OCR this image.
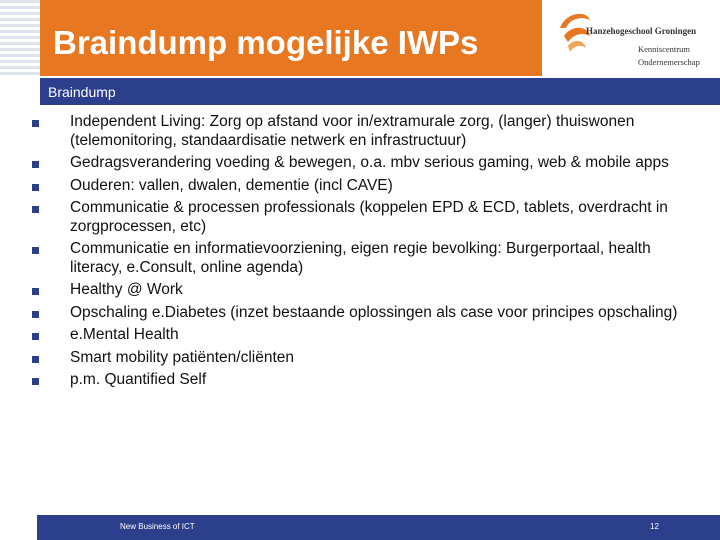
Braindump mogelijke IWPs	Hanzehogeschool Groningen
Kenniscentrum
Ondernemerschap
Braindump
Independent Living: Zorg op afstand voor in/extramurale zorg, (langer) thuiswonen (telemonitoring, standaardisatie netwerk en infrastructuur)
Gedragsverandering voeding & bewegen, o.a. mbv serious gaming, web & mobile apps
Ouderen: vallen, dwalen, dementie (incl CAVE)
Communicatie & processen professionals (koppelen EPD & ECD, tablets, overdracht in zorgprocessen, etc)
Communicatie en informatievoorziening, eigen regie bevolking: Burgerportaal, health literacy, e.Consult, online agenda)
Healthy @ Work
Opschaling e.Diabetes (inzet bestaande oplossingen als case voor principes opschaling)
e.Mental Health
Smart mobility patiënten/cliënten
p.m. Quantified Self
New Business of ICT	12
